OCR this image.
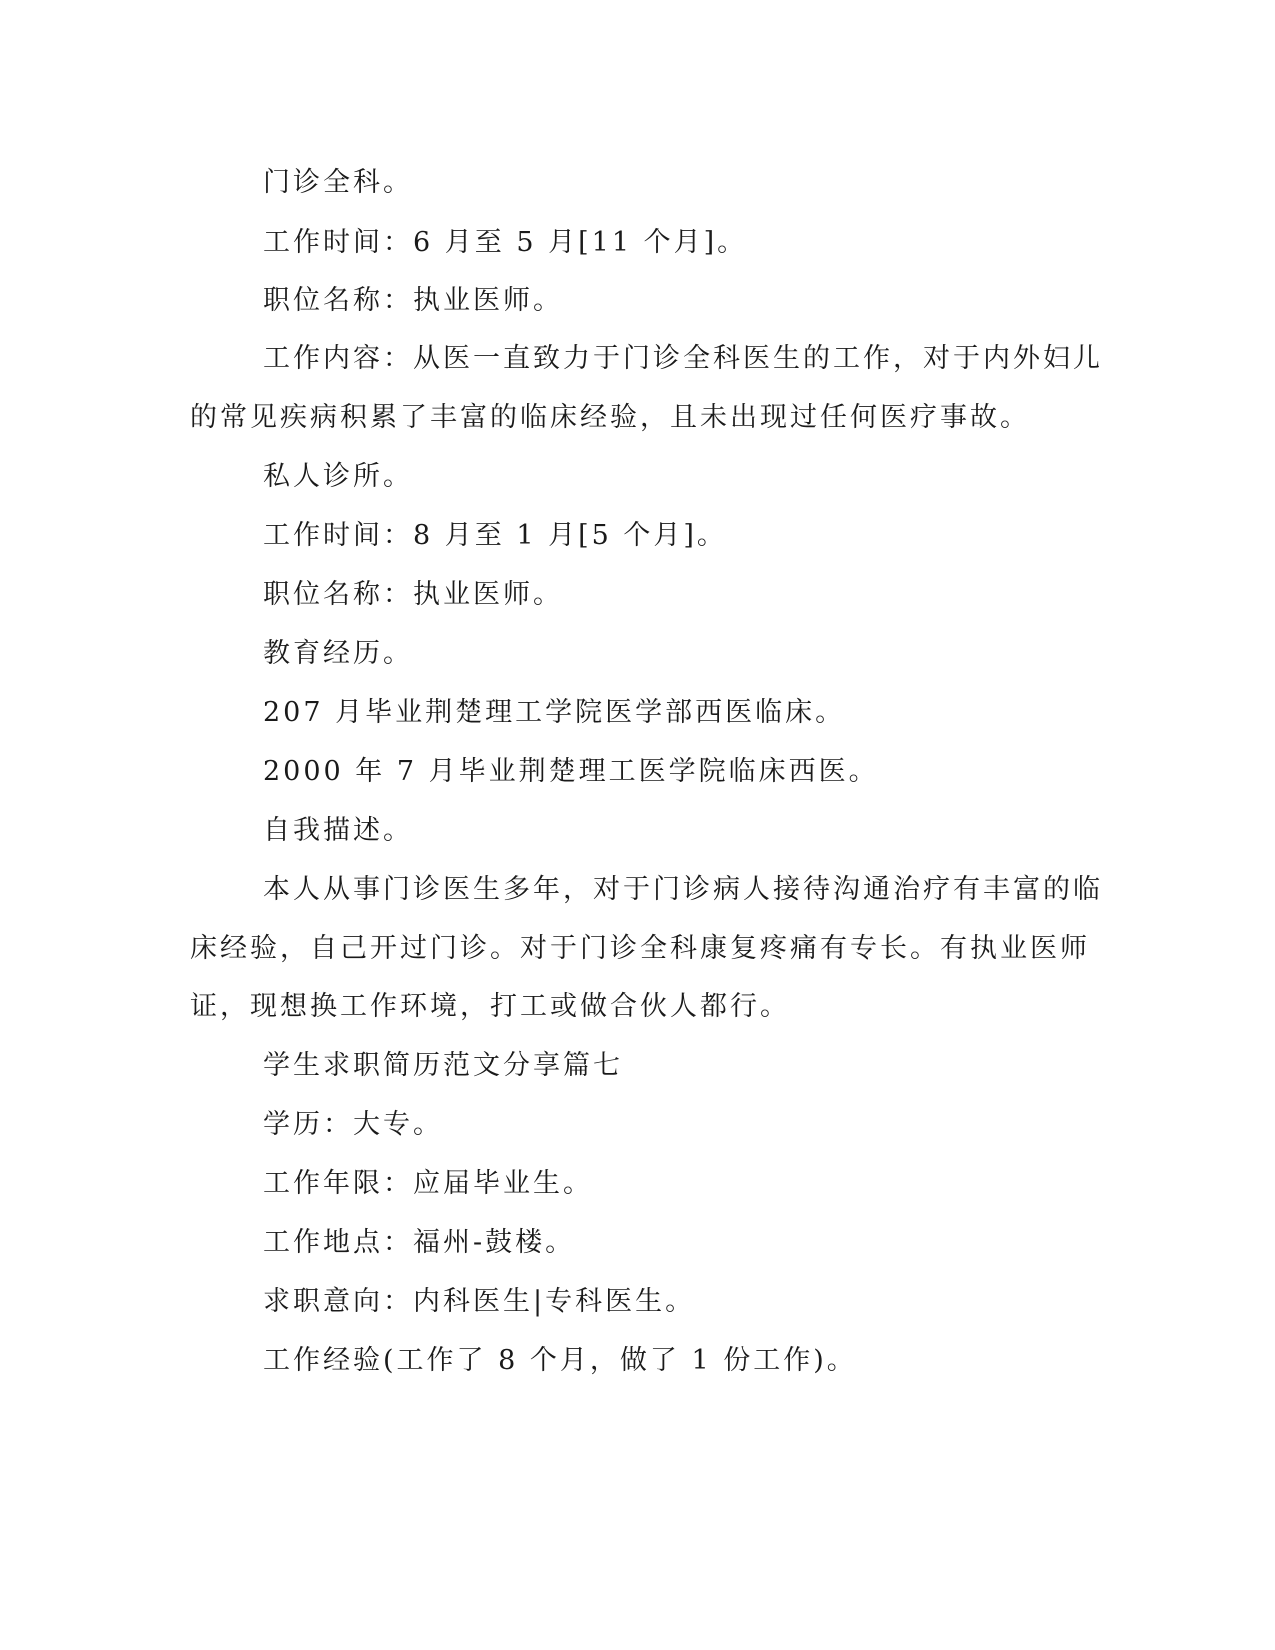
门诊全科。
工作时间：6 月至 5 月[11 个月]。
职位名称：执业医师。
工作内容：从医一直致力于门诊全科医生的工作，对于内外妇儿
的常见疾病积累了丰富的临床经验，且未出现过任何医疗事故。
私人诊所。
工作时间：8 月至 1 月[5 个月]。
职位名称：执业医师。
教育经历。
207 月毕业荆楚理工学院医学部西医临床。
2000 年 7 月毕业荆楚理工医学院临床西医。
自我描述。
本人从事门诊医生多年，对于门诊病人接待沟通治疗有丰富的临
床经验，自己开过门诊。对于门诊全科康复疼痛有专长。有执业医师
证，现想换工作环境，打工或做合伙人都行。
学生求职简历范文分享篇七
学历：大专。
工作年限：应届毕业生。
工作地点：福州-鼓楼。
求职意向：内科医生|专科医生。
工作经验(工作了 8 个月，做了 1 份工作)。
